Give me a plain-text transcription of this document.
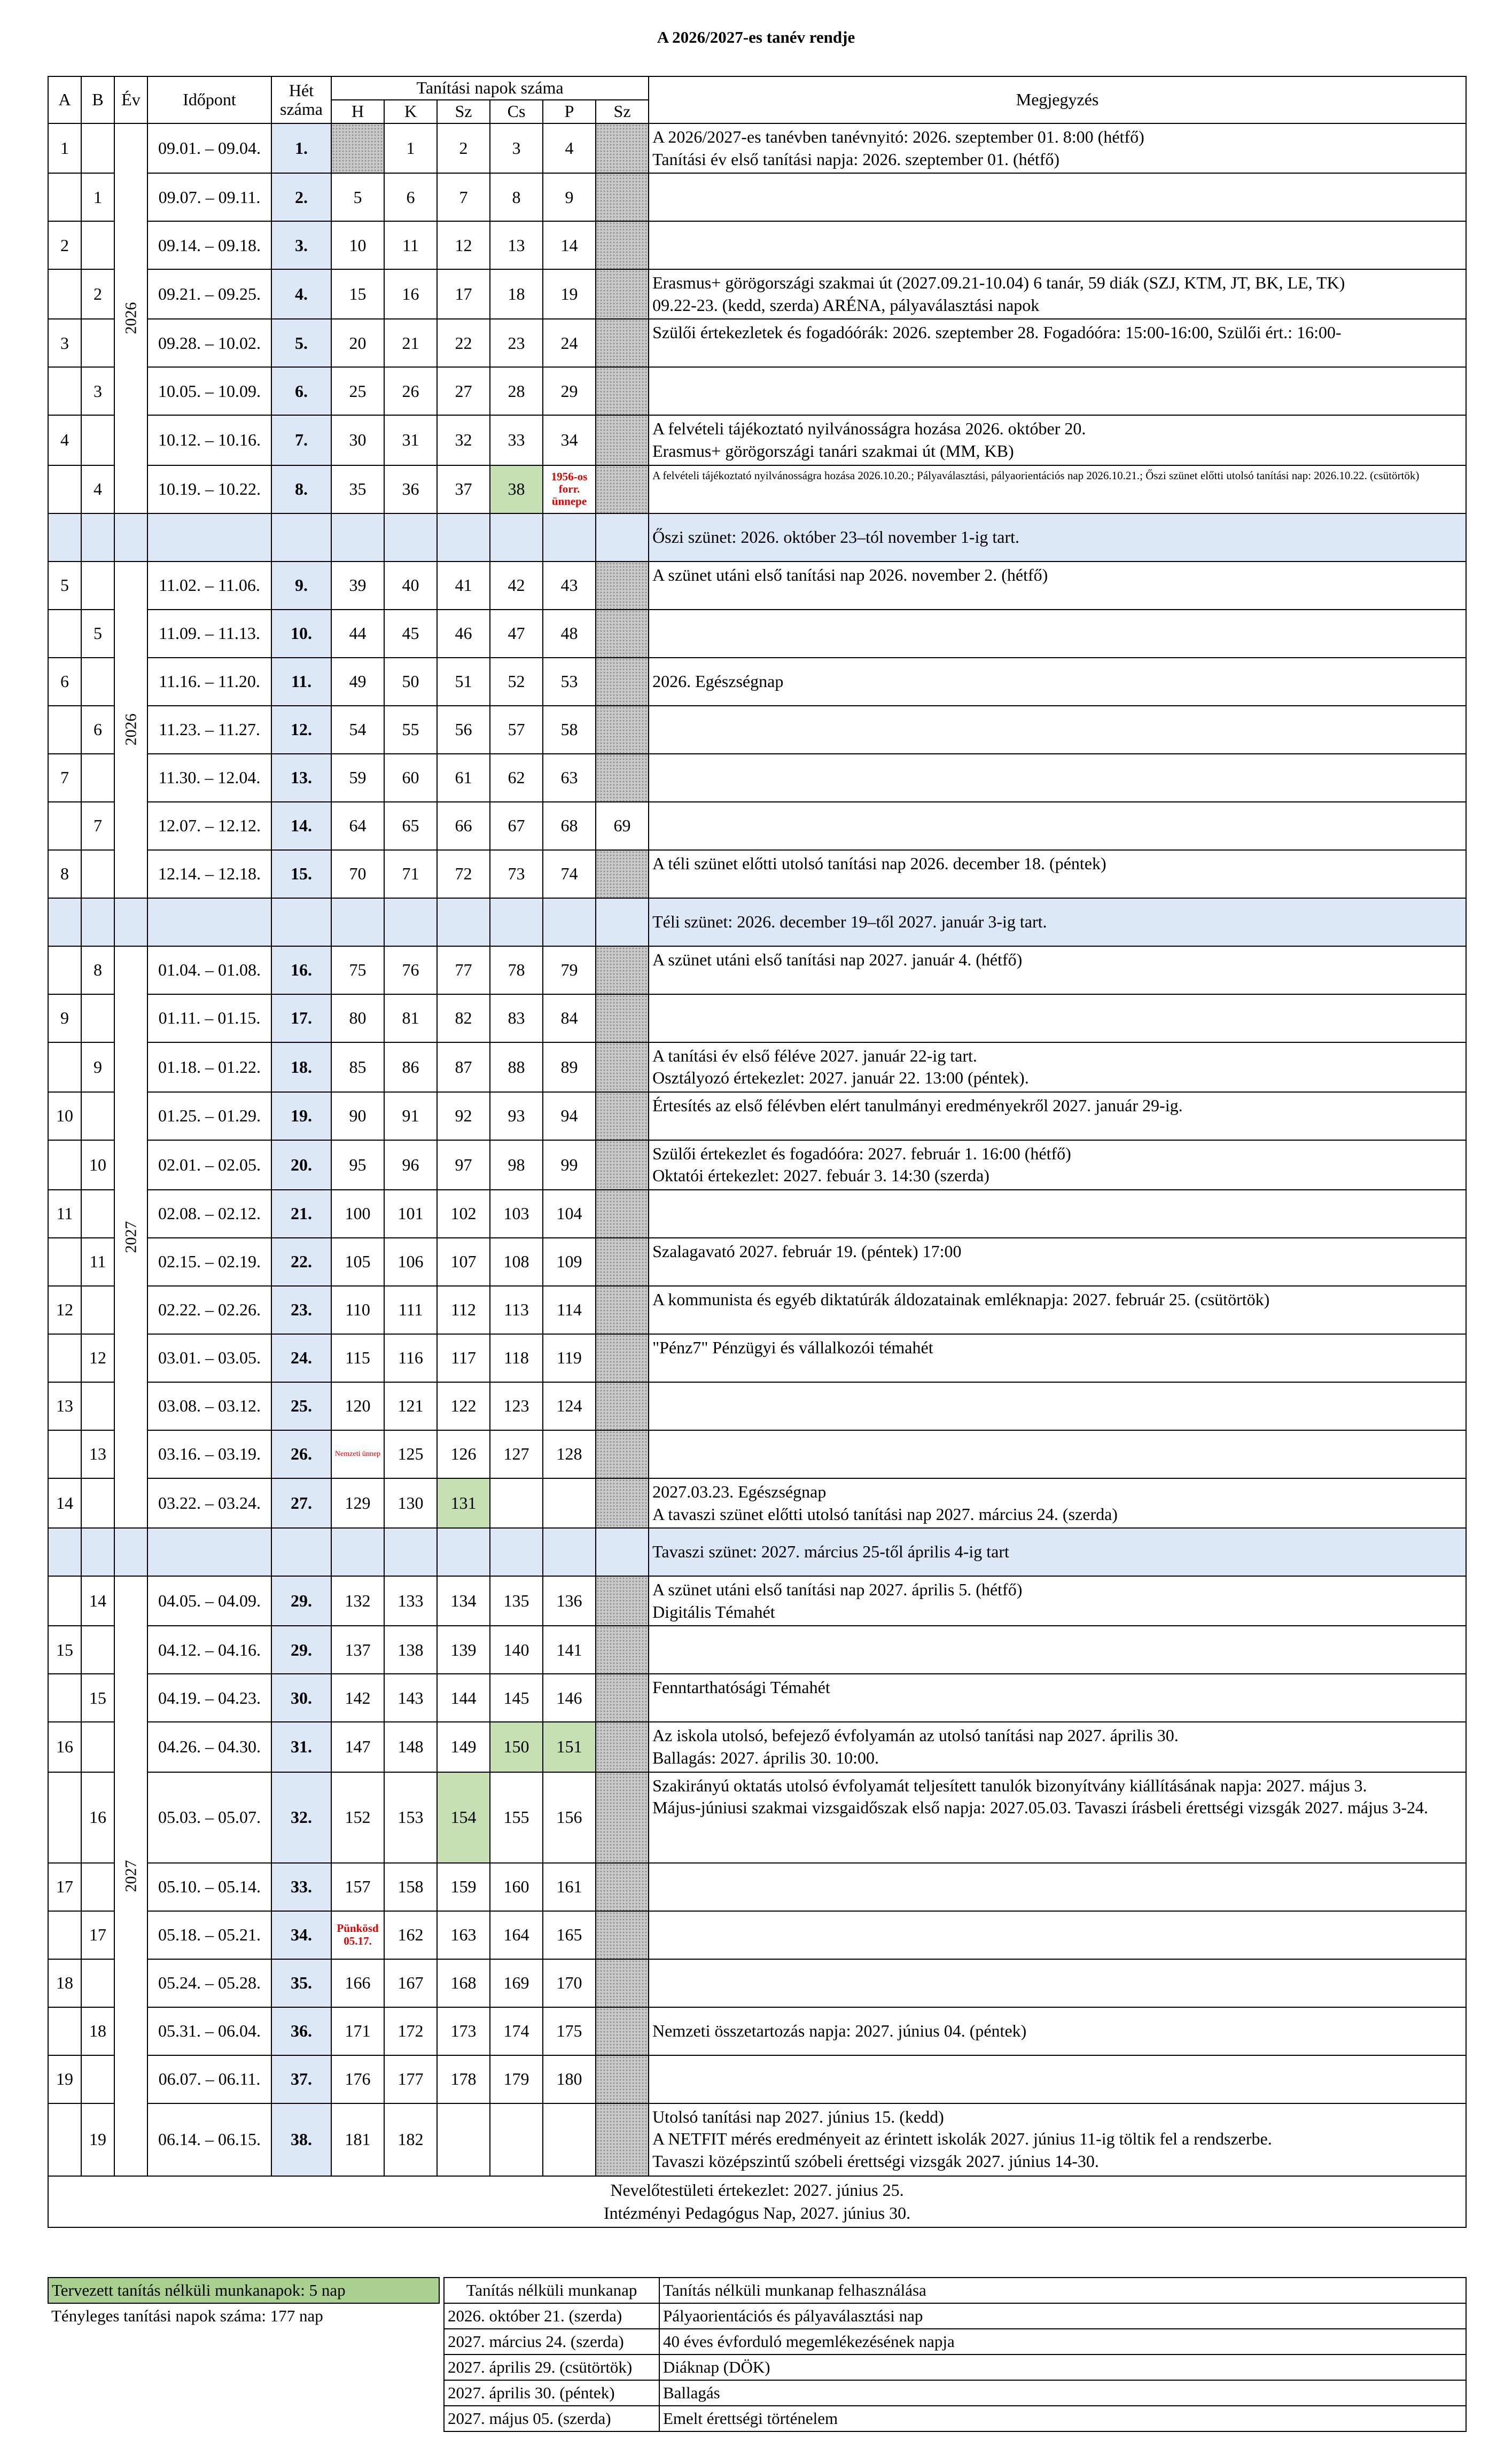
A 2026/2027-es tanév rendje
A	B	Év	Időpont	Hét
száma	Tanítási napok száma						Megjegyzés
					H	K	Sz	Cs	P	Sz	
1		2026	09.01. – 09.04.	1.		1	2	3	4		A 2026/2027-es tanévben tanévnyitó: 2026. szeptember 01. 8:00 (hétfő)
Tanítási év első tanítási napja: 2026. szeptember 01. (hétfő)
	1		09.07. – 09.11.	2.	5	6	7	8	9		
2			09.14. – 09.18.	3.	10	11	12	13	14		
	2		09.21. – 09.25.	4.	15	16	17	18	19		Erasmus+ görögországi szakmai út (2027.09.21-10.04) 6 tanár, 59 diák (SZJ, KTM, JT, BK, LE, TK)
09.22-23. (kedd, szerda) ARÉNA, pályaválasztási napok
3			09.28. – 10.02.	5.	20	21	22	23	24		Szülői értekezletek és fogadóórák: 2026. szeptember 28. Fogadóóra: 15:00-16:00, Szülői ért.: 16:00-
	3		10.05. – 10.09.	6.	25	26	27	28	29		
4			10.12. – 10.16.	7.	30	31	32	33	34		A felvételi tájékoztató nyilvánosságra hozása 2026. október 20.
Erasmus+ görögországi tanári szakmai út (MM, KB)
	4		10.19. – 10.22.	8.	35	36	37	38	1956-os forr. ünnepe		A felvételi tájékoztató nyilvánosságra hozása 2026.10.20.; Pályaválasztási, pályaorientációs nap 2026.10.21.; Őszi szünet előtti utolsó tanítási nap: 2026.10.22. (csütörtök)
											Őszi szünet: 2026. október 23–tól november 1-ig tart.
5		2026	11.02. – 11.06.	9.	39	40	41	42	43		A szünet utáni első tanítási nap 2026. november 2. (hétfő)
	5		11.09. – 11.13.	10.	44	45	46	47	48		
6			11.16. – 11.20.	11.	49	50	51	52	53		2026. Egészségnap
	6		11.23. – 11.27.	12.	54	55	56	57	58		
7			11.30. – 12.04.	13.	59	60	61	62	63		
	7		12.07. – 12.12.	14.	64	65	66	67	68	69	
8			12.14. – 12.18.	15.	70	71	72	73	74		A téli szünet előtti utolsó tanítási nap 2026. december 18. (péntek)
											Téli szünet: 2026. december 19–től 2027. január 3-ig tart.
	8	2027	01.04. – 01.08.	16.	75	76	77	78	79		A szünet utáni első tanítási nap 2027. január 4. (hétfő)
9			01.11. – 01.15.	17.	80	81	82	83	84		
	9		01.18. – 01.22.	18.	85	86	87	88	89		A tanítási év első féléve 2027. január 22-ig tart.
Osztályozó értekezlet: 2027. január 22. 13:00 (péntek).
10			01.25. – 01.29.	19.	90	91	92	93	94		Értesítés az első félévben elért tanulmányi eredményekről 2027. január 29-ig.
	10		02.01. – 02.05.	20.	95	96	97	98	99		Szülői értekezlet és fogadóóra: 2027. február 1. 16:00 (hétfő)
Oktatói értekezlet: 2027. febuár 3. 14:30 (szerda)
11			02.08. – 02.12.	21.	100	101	102	103	104		
	11		02.15. – 02.19.	22.	105	106	107	108	109		Szalagavató 2027. február 19. (péntek) 17:00
12			02.22. – 02.26.	23.	110	111	112	113	114		A kommunista és egyéb diktatúrák áldozatainak emléknapja: 2027. február 25. (csütörtök)
	12		03.01. – 03.05.	24.	115	116	117	118	119		"Pénz7" Pénzügyi és vállalkozói témahét
13			03.08. – 03.12.	25.	120	121	122	123	124		
	13		03.16. – 03.19.	26.	Nemzeti ünnep	125	126	127	128		
14			03.22. – 03.24.	27.	129	130	131				2027.03.23. Egészségnap
A tavaszi szünet előtti utolsó tanítási nap 2027. március 24. (szerda)
											Tavaszi szünet: 2027. március 25-től április 4-ig tart
	14	2027	04.05. – 04.09.	29.	132	133	134	135	136		A szünet utáni első tanítási nap 2027. április 5. (hétfő)
Digitális Témahét
15			04.12. – 04.16.	29.	137	138	139	140	141		
	15		04.19. – 04.23.	30.	142	143	144	145	146		Fenntarthatósági Témahét
16			04.26. – 04.30.	31.	147	148	149	150	151		Az iskola utolsó, befejező évfolyamán az utolsó tanítási nap 2027. április 30.
Ballagás: 2027. április 30. 10:00.
	16		05.03. – 05.07.	32.	152	153	154	155	156		Szakirányú oktatás utolsó évfolyamát teljesített tanulók bizonyítvány kiállításának napja: 2027. május 3.
Május-júniusi szakmai vizsgaidőszak első napja: 2027.05.03. Tavaszi írásbeli érettségi vizsgák 2027. május 3-24.
17			05.10. – 05.14.	33.	157	158	159	160	161		
	17		05.18. – 05.21.	34.	Pünkösd 05.17.	162	163	164	165		
18			05.24. – 05.28.	35.	166	167	168	169	170		
	18		05.31. – 06.04.	36.	171	172	173	174	175		Nemzeti összetartozás napja: 2027. június 04. (péntek)
19			06.07. – 06.11.	37.	176	177	178	179	180		
	19		06.14. – 06.15.	38.	181	182					Utolsó tanítási nap 2027. június 15. (kedd)
A NETFIT mérés eredményeit az érintett iskolák 2027. június 11-ig töltik fel a rendszerbe.
Tavaszi középszintű szóbeli érettségi vizsgák 2027. június 14-30.
Nevelőtestületi értekezlet: 2027. június 25.
Intézményi Pedagógus Nap, 2027. június 30.											
Tervezett tanítás nélküli munkanapok: 5 nap
Tényleges tanítási napok száma: 177 nap
Tanítás nélküli munkanap	Tanítás nélküli munkanap felhasználása
2026. október 21. (szerda)	Pályaorientációs és pályaválasztási nap
2027. március 24. (szerda)	40 éves évforduló megemlékezésének napja
2027. április 29. (csütörtök)	Diáknap (DÖK)
2027. április 30. (péntek)	Ballagás
2027. május 05. (szerda)	Emelt érettségi történelem
